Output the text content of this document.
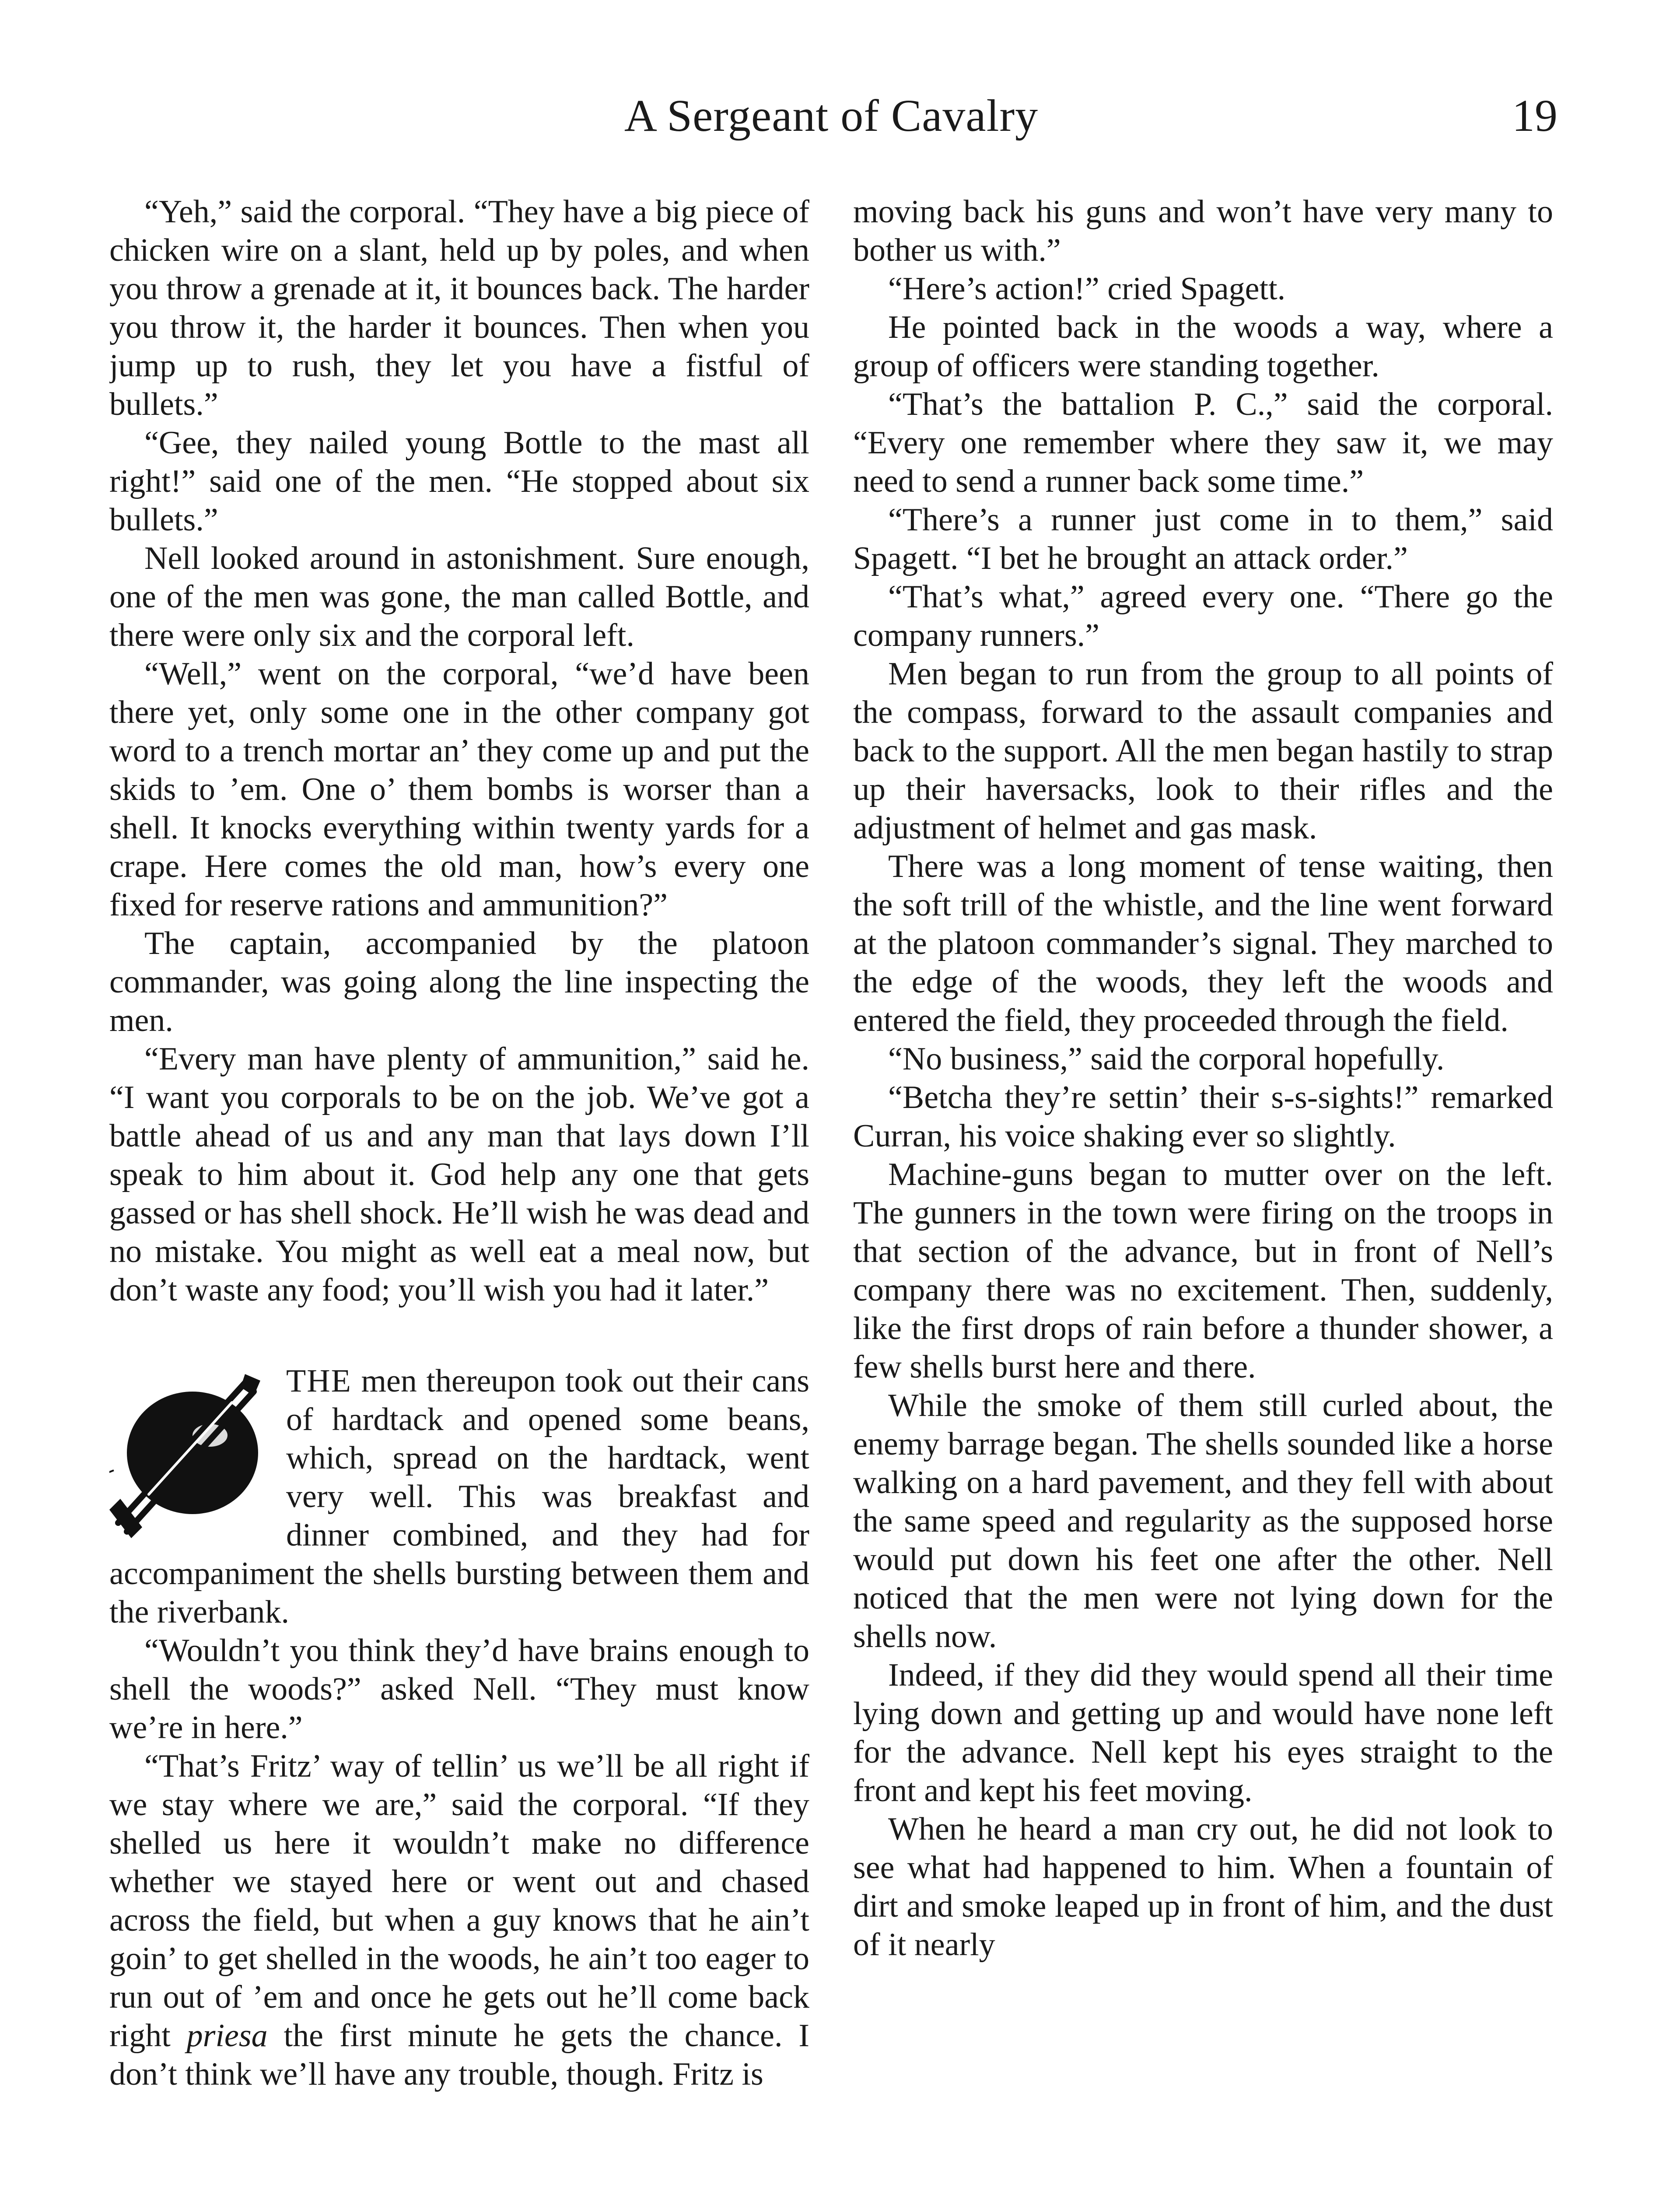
A Sergeant of Cavalry	19

“Yeh,” said the corporal. “They have a big piece of chicken wire on a slant, held up by poles, and when you throw a grenade at it, it bounces back. The harder you throw it, the harder it bounces. Then when you jump up to rush, they let you have a fistful of bullets.”

“Gee, they nailed young Bottle to the mast all right!” said one of the men. “He stopped about six bullets.”

Nell looked around in astonishment. Sure enough, one of the men was gone, the man called Bottle, and there were only six and the corporal left.

“Well,” went on the corporal, “we’d have been there yet, only some one in the other company got word to a trench mortar an’ they come up and put the skids to ’em. One o’ them bombs is worser than a shell. It knocks everything within twenty yards for a crape. Here comes the old man, how’s every one fixed for reserve rations and ammunition?”

The captain, accompanied by the platoon commander, was going along the line inspecting the men.

“Every man have plenty of ammunition,” said he. “I want you corporals to be on the job. We’ve got a battle ahead of us and any man that lays down I’ll speak to him about it. God help any one that gets gassed or has shell shock. He’ll wish he was dead and no mistake. You might as well eat a meal now, but don’t waste any food; you’ll wish you had it later.”

THE men thereupon took out their cans of hardtack and opened some beans, which, spread on the hardtack, went very well. This was breakfast and dinner combined, and they had for accompaniment the shells bursting between them and the riverbank.

“Wouldn’t you think they’d have brains enough to shell the woods?” asked Nell. “They must know we’re in here.”

“That’s Fritz’ way of tellin’ us we’ll be all right if we stay where we are,” said the corporal. “If they shelled us here it wouldn’t make no difference whether we stayed here or went out and chased across the field, but when a guy knows that he ain’t goin’ to get shelled in the woods, he ain’t too eager to run out of ’em and once he gets out he’ll come back right priesa the first minute he gets the chance. I don’t think we’ll have any trouble, though. Fritz is

moving back his guns and won’t have very many to bother us with.”

“Here’s action!” cried Spagett.

He pointed back in the woods a way, where a group of officers were standing together.

“That’s the battalion P. C.,” said the corporal. “Every one remember where they saw it, we may need to send a runner back some time.”

“There’s a runner just come in to them,” said Spagett. “I bet he brought an attack order.”

“That’s what,” agreed every one. “There go the company runners.”

Men began to run from the group to all points of the compass, forward to the assault companies and back to the support. All the men began hastily to strap up their haversacks, look to their rifles and the adjustment of helmet and gas mask.

There was a long moment of tense waiting, then the soft trill of the whistle, and the line went forward at the platoon commander’s signal. They marched to the edge of the woods, they left the woods and entered the field, they proceeded through the field.

“No business,” said the corporal hopefully.

“Betcha they’re settin’ their s-s-sights!” remarked Curran, his voice shaking ever so slightly.

Machine-guns began to mutter over on the left. The gunners in the town were firing on the troops in that section of the advance, but in front of Nell’s company there was no excitement. Then, suddenly, like the first drops of rain before a thunder shower, a few shells burst here and there.

While the smoke of them still curled about, the enemy barrage began. The shells sounded like a horse walking on a hard pavement, and they fell with about the same speed and regularity as the supposed horse would put down his feet one after the other. Nell noticed that the men were not lying down for the shells now.

Indeed, if they did they would spend all their time lying down and getting up and would have none left for the advance. Nell kept his eyes straight to the front and kept his feet moving.

When he heard a man cry out, he did not look to see what had happened to him. When a fountain of dirt and smoke leaped up in front of him, and the dust of it nearly
